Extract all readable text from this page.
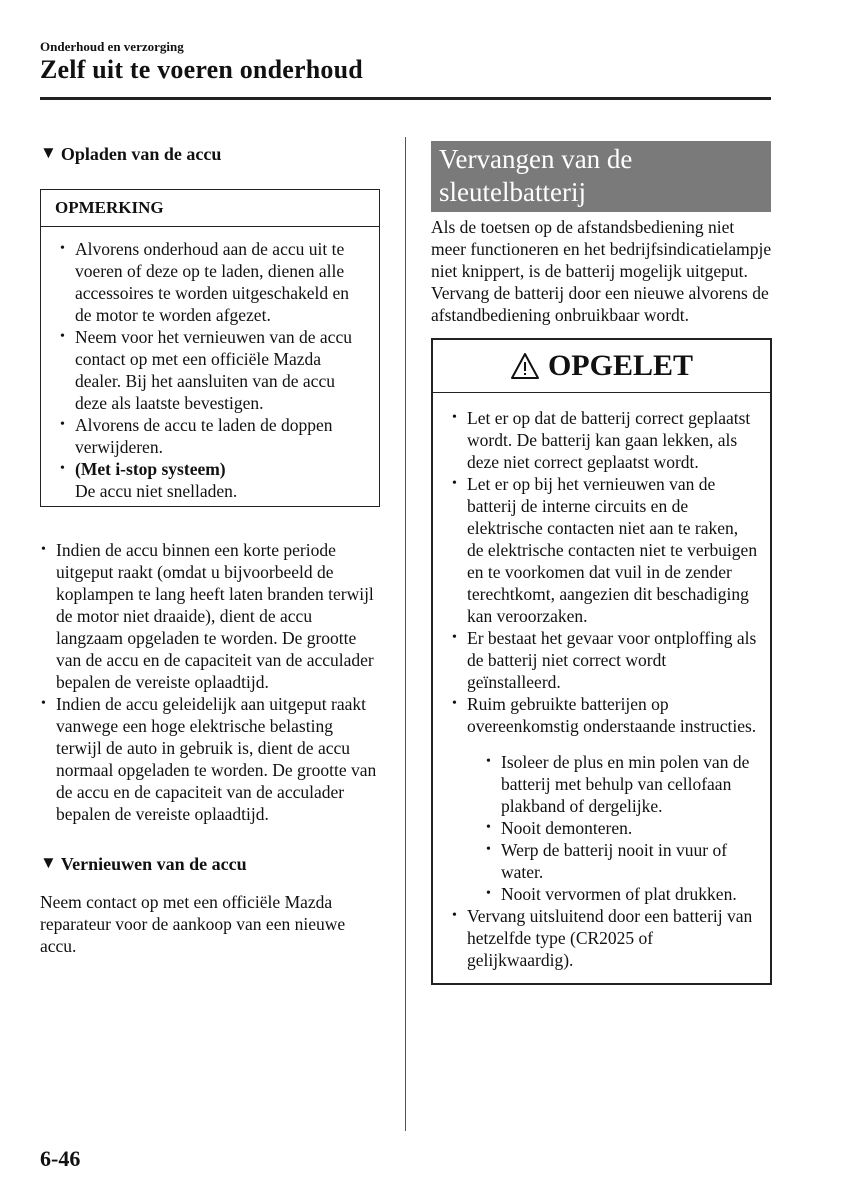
Onderhoud en verzorging
Zelf uit te voeren onderhoud
▼ Opladen van de accu
OPMERKING
• Alvorens onderhoud aan de accu uit te voeren of deze op te laden, dienen alle accessoires te worden uitgeschakeld en de motor te worden afgezet.
• Neem voor het vernieuwen van de accu contact op met een officiële Mazda dealer. Bij het aansluiten van de accu deze als laatste bevestigen.
• Alvorens de accu te laden de doppen verwijderen.
• (Met i-stop systeem)
De accu niet snelladen.
• Indien de accu binnen een korte periode uitgeput raakt (omdat u bijvoorbeeld de koplampen te lang heeft laten branden terwijl de motor niet draaide), dient de accu langzaam opgeladen te worden. De grootte van de accu en de capaciteit van de acculader bepalen de vereiste oplaadtijd.
• Indien de accu geleidelijk aan uitgeput raakt vanwege een hoge elektrische belasting terwijl de auto in gebruik is, dient de accu normaal opgeladen te worden. De grootte van de accu en de capaciteit van de acculader bepalen de vereiste oplaadtijd.
▼ Vernieuwen van de accu
Neem contact op met een officiële Mazda reparateur voor de aankoop van een nieuwe accu.
Vervangen van de sleutelbatterij
Als de toetsen op de afstandsbediening niet meer functioneren en het bedrijfsindicatielampje niet knippert, is de batterij mogelijk uitgeput. Vervang de batterij door een nieuwe alvorens de afstandbediening onbruikbaar wordt.
OPGELET
• Let er op dat de batterij correct geplaatst wordt. De batterij kan gaan lekken, als deze niet correct geplaatst wordt.
• Let er op bij het vernieuwen van de batterij de interne circuits en de elektrische contacten niet aan te raken, de elektrische contacten niet te verbuigen en te voorkomen dat vuil in de zender terechtkomt, aangezien dit beschadiging kan veroorzaken.
• Er bestaat het gevaar voor ontploffing als de batterij niet correct wordt geïnstalleerd.
• Ruim gebruikte batterijen op overeenkomstig onderstaande instructies.
• Isoleer de plus en min polen van de batterij met behulp van cellofaan plakband of dergelijke.
• Nooit demonteren.
• Werp de batterij nooit in vuur of water.
• Nooit vervormen of plat drukken.
• Vervang uitsluitend door een batterij van hetzelfde type (CR2025 of gelijkwaardig).
6-46
